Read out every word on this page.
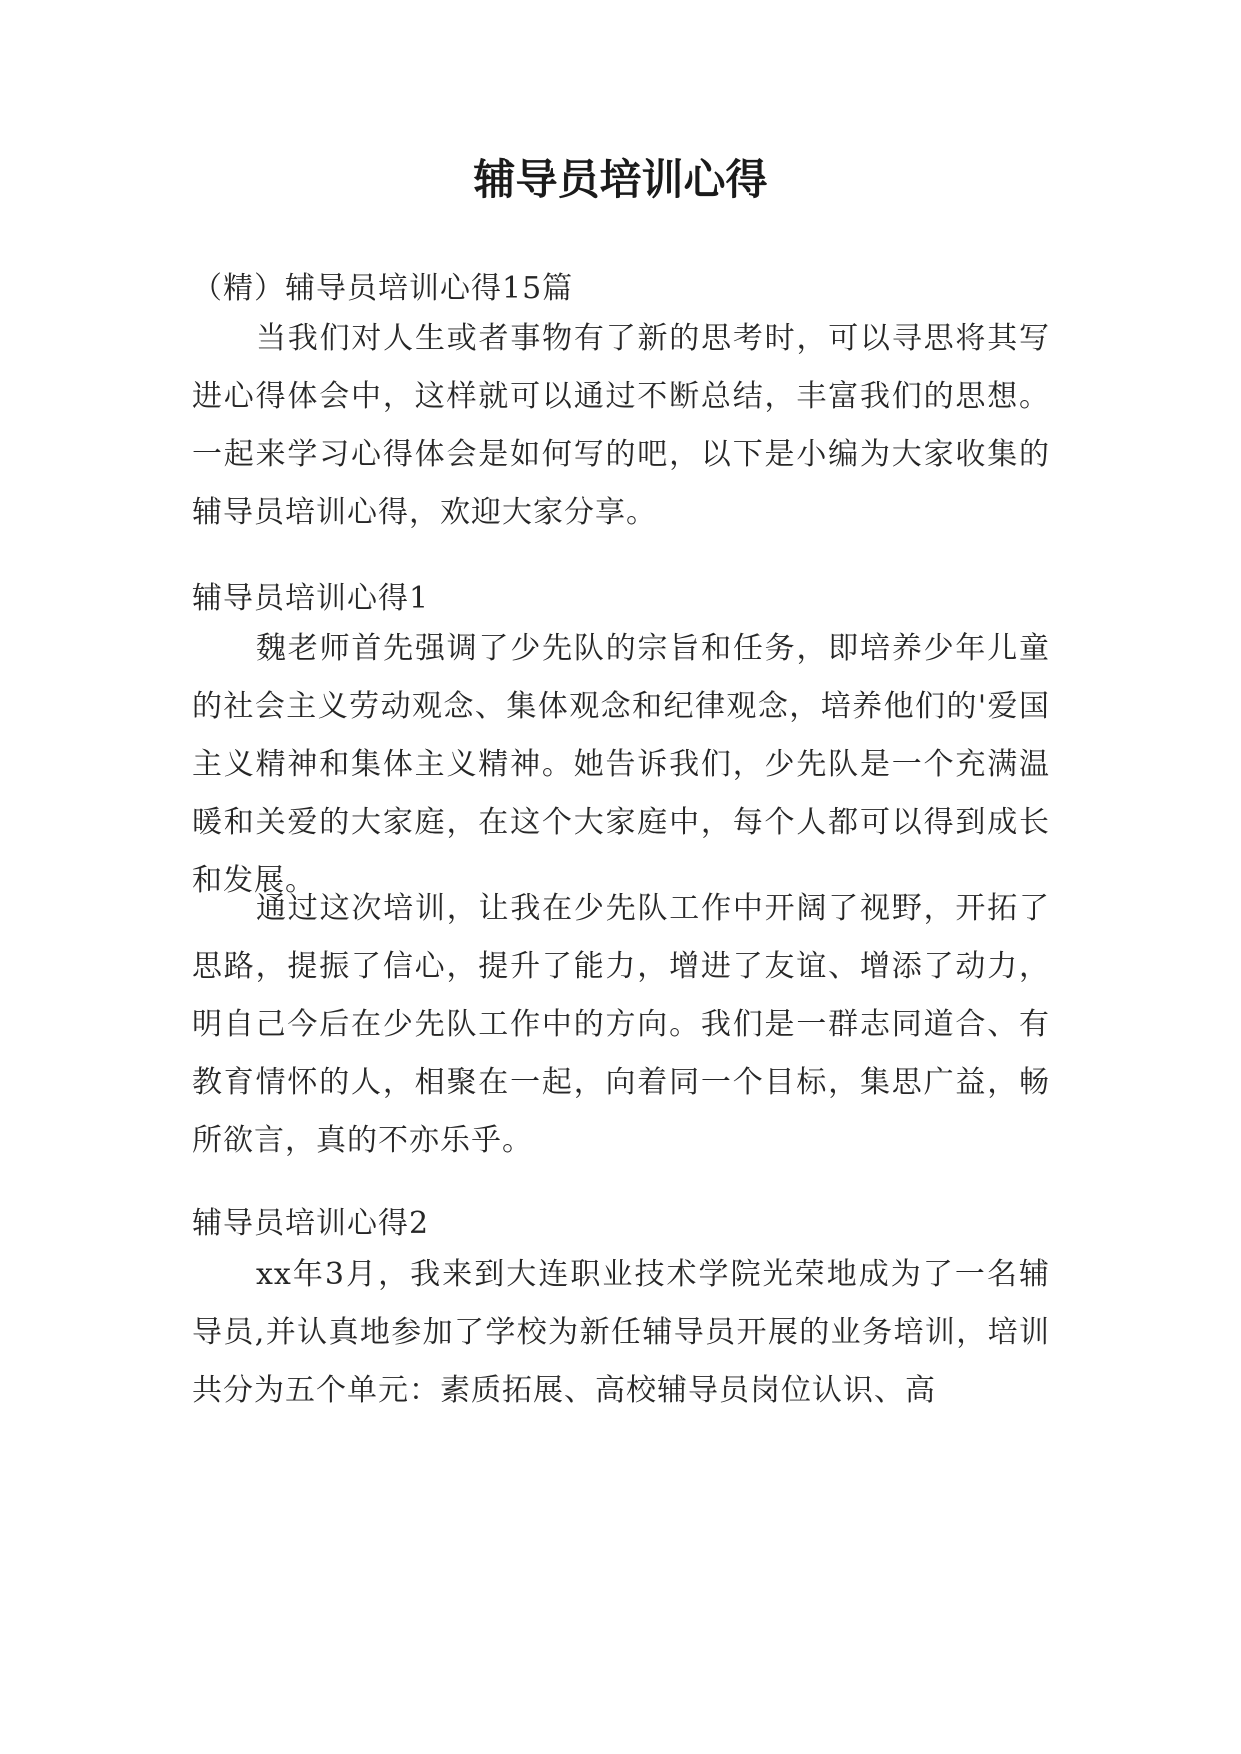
辅导员培训心得
（精）辅导员培训心得15篇
当我们对人生或者事物有了新的思考时，可以寻思将其写进心得体会中，这样就可以通过不断总结，丰富我们的思想。一起来学习心得体会是如何写的吧，以下是小编为大家收集的辅导员培训心得，欢迎大家分享。
辅导员培训心得1
魏老师首先强调了少先队的宗旨和任务，即培养少年儿童的社会主义劳动观念、集体观念和纪律观念，培养他们的'爱国主义精神和集体主义精神。她告诉我们，少先队是一个充满温暖和关爱的大家庭，在这个大家庭中，每个人都可以得到成长和发展。
通过这次培训，让我在少先队工作中开阔了视野，开拓了思路，提振了信心，提升了能力，增进了友谊、增添了动力，明自己今后在少先队工作中的方向。我们是一群志同道合、有教育情怀的人，相聚在一起，向着同一个目标，集思广益，畅所欲言，真的不亦乐乎。
辅导员培训心得2
xx年3月，我来到大连职业技术学院光荣地成为了一名辅导员,并认真地参加了学校为新任辅导员开展的业务培训，培训共分为五个单元：素质拓展、高校辅导员岗位认识、高
